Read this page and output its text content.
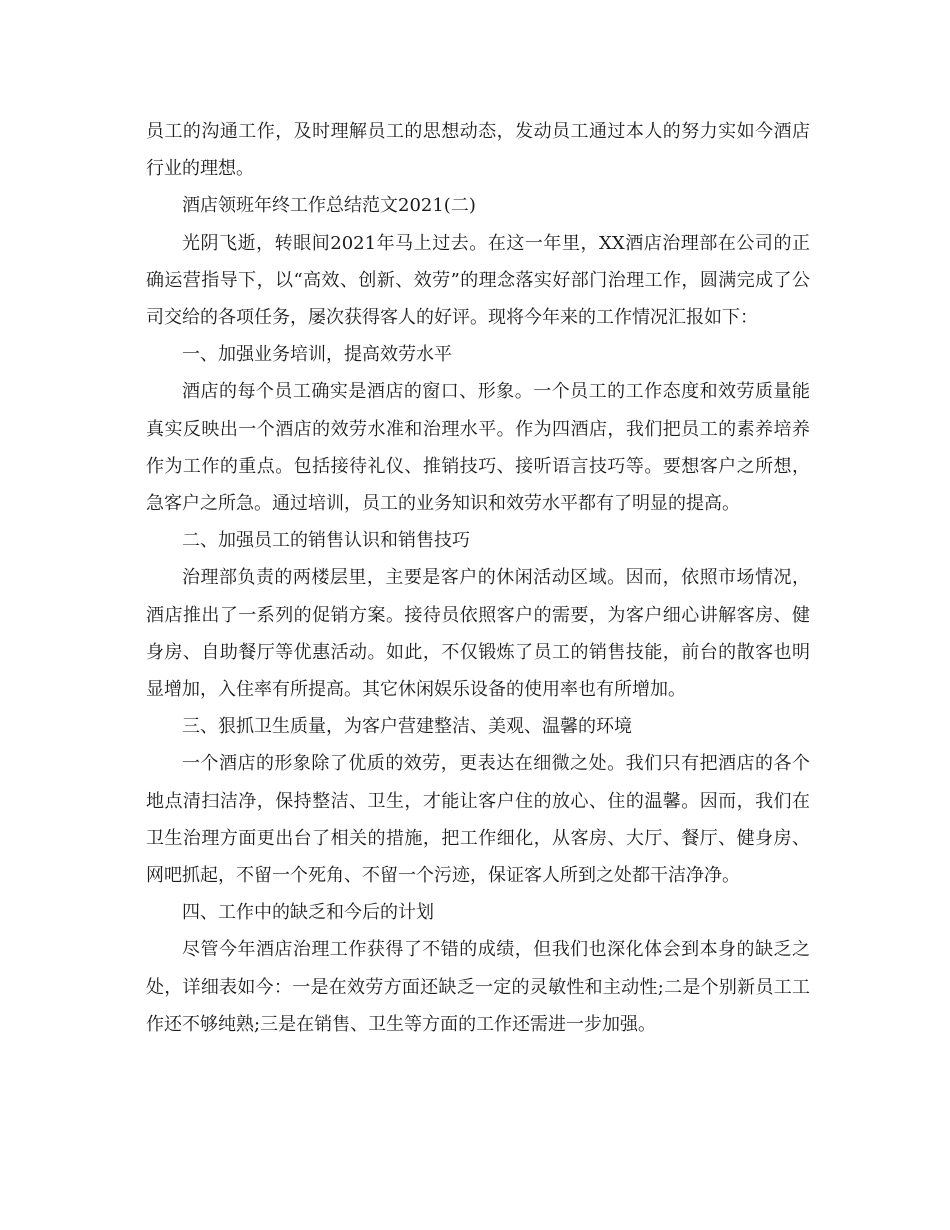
员工的沟通工作，及时理解员工的思想动态，发动员工通过本人的努力实如今酒店行业的理想。

酒店领班年终工作总结范文2021(二)

光阴飞逝，转眼间2021年马上过去。在这一年里，XX酒店治理部在公司的正确运营指导下，以“高效、创新、效劳”的理念落实好部门治理工作，圆满完成了公司交给的各项任务，屡次获得客人的好评。现将今年来的工作情况汇报如下：

一、加强业务培训，提高效劳水平

酒店的每个员工确实是酒店的窗口、形象。一个员工的工作态度和效劳质量能真实反映出一个酒店的效劳水准和治理水平。作为四酒店，我们把员工的素养培养作为工作的重点。包括接待礼仪、推销技巧、接听语言技巧等。要想客户之所想，急客户之所急。通过培训，员工的业务知识和效劳水平都有了明显的提高。

二、加强员工的销售认识和销售技巧

治理部负责的两楼层里，主要是客户的休闲活动区域。因而，依照市场情况，酒店推出了一系列的促销方案。接待员依照客户的需要，为客户细心讲解客房、健身房、自助餐厅等优惠活动。如此，不仅锻炼了员工的销售技能，前台的散客也明显增加，入住率有所提高。其它休闲娱乐设备的使用率也有所增加。

三、狠抓卫生质量，为客户营建整洁、美观、温馨的环境

一个酒店的形象除了优质的效劳，更表达在细微之处。我们只有把酒店的各个地点清扫洁净，保持整洁、卫生，才能让客户住的放心、住的温馨。因而，我们在卫生治理方面更出台了相关的措施，把工作细化，从客房、大厅、餐厅、健身房、网吧抓起，不留一个死角、不留一个污迹，保证客人所到之处都干洁净净。

四、工作中的缺乏和今后的计划

尽管今年酒店治理工作获得了不错的成绩，但我们也深化体会到本身的缺乏之处，详细表如今：一是在效劳方面还缺乏一定的灵敏性和主动性;二是个别新员工工作还不够纯熟;三是在销售、卫生等方面的工作还需进一步加强。
